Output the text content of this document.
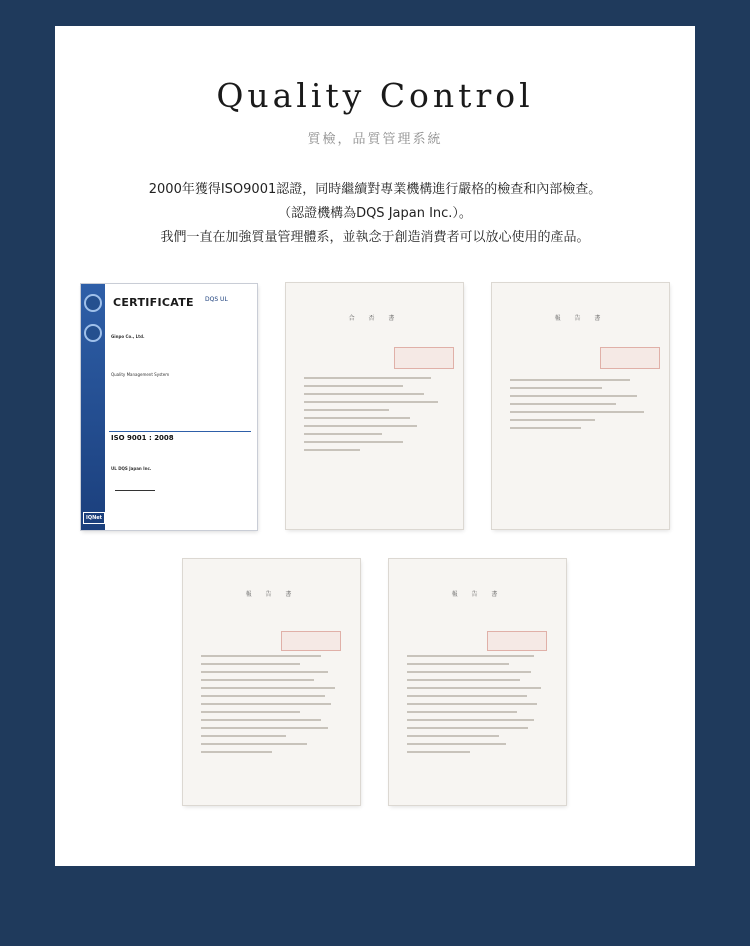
Quality Control
質檢，品質管理系統
2000年獲得ISO9001認證，同時繼續對專業機構進行嚴格的檢查和內部檢查。
（認證機構為DQS Japan Inc.）。
我們一直在加強質量管理體系，並執念于創造消費者可以放心使用的產品。
CERTIFICATE DQS UL
Ginpo Co., Ltd.
Quality Management System
ISO 9001 : 2008
UL DQS Japan Inc.
IQNet
合 否 書	報 告 書
報 告 書	報 告 書
